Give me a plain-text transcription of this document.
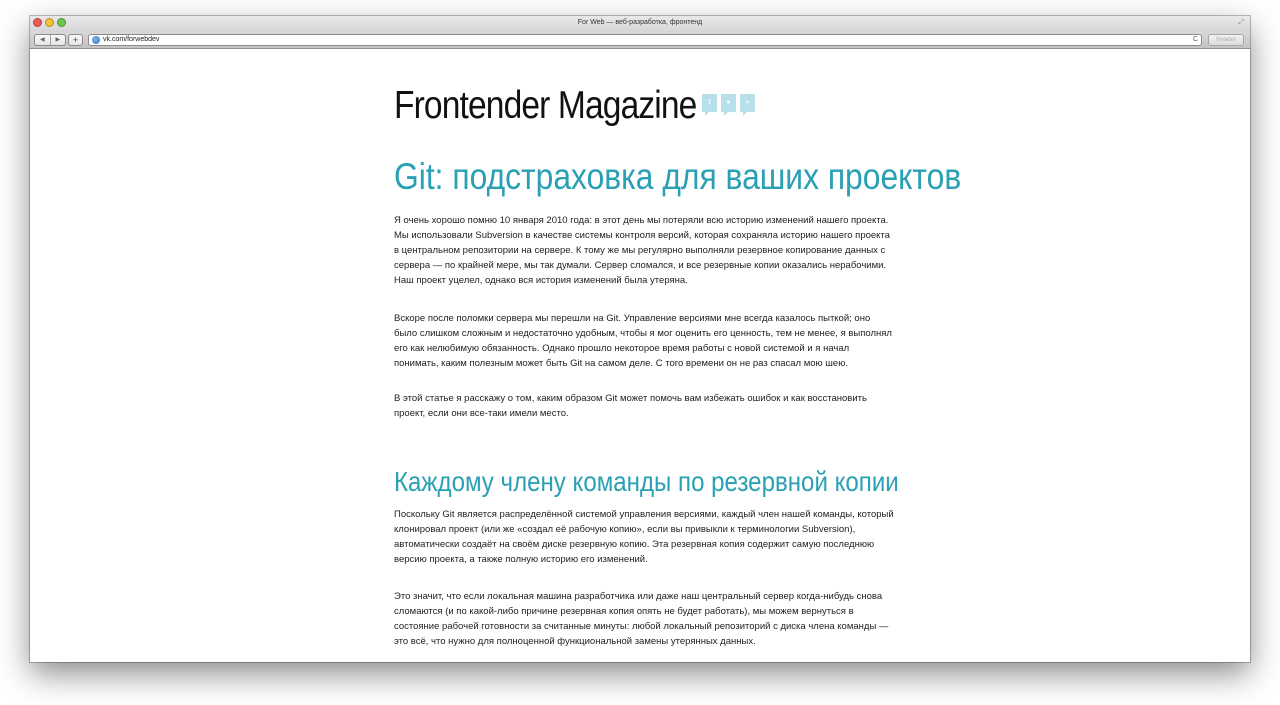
For Web — веб-разработка, фронтенд	⤢
◀	▶	+	vk.com/forwebdev	C	Reader
Frontender Magazine	t	●	≈
Git: подстраховка для ваших проектов

Я очень хорошо помню 10 января 2010 года: в этот день мы потеряли всю историю изменений нашего проекта. Мы использовали Subversion в качестве системы контроля версий, которая сохраняла историю нашего проекта в центральном репозитории на сервере. К тому же мы регулярно выполняли резервное копирование данных с сервера — по крайней мере, мы так думали. Сервер сломался, и все резервные копии оказались нерабочими. Наш проект уцелел, однако вся история изменений была утеряна.

Вскоре после поломки сервера мы перешли на Git. Управление версиями мне всегда казалось пыткой; оно было слишком сложным и недостаточно удобным, чтобы я мог оценить его ценность, тем не менее, я выполнял его как нелюбимую обязанность. Однако прошло некоторое время работы с новой системой и я начал понимать, каким полезным может быть Git на самом деле. С того времени он не раз спасал мою шею.

В этой статье я расскажу о том, каким образом Git может помочь вам избежать ошибок и как восстановить проект, если они все-таки имели место.

Каждому члену команды по резервной копии

Поскольку Git является распределённой системой управления версиями, каждый член нашей команды, который клонировал проект (или же «создал её рабочую копию», если вы привыкли к терминологии Subversion), автоматически создаёт на своём диске резервную копию. Эта резервная копия содержит самую последнюю версию проекта, а также полную историю его изменений.

Это значит, что если локальная машина разработчика или даже наш центральный сервер когда-нибудь снова сломаются (и по какой-либо причине резервная копия опять не будет работать), мы можем вернуться в состояние рабочей готовности за считанные минуты: любой локальный репозиторий с диска члена команды — это всё, что нужно для полноценной функциональной замены утерянных данных.
